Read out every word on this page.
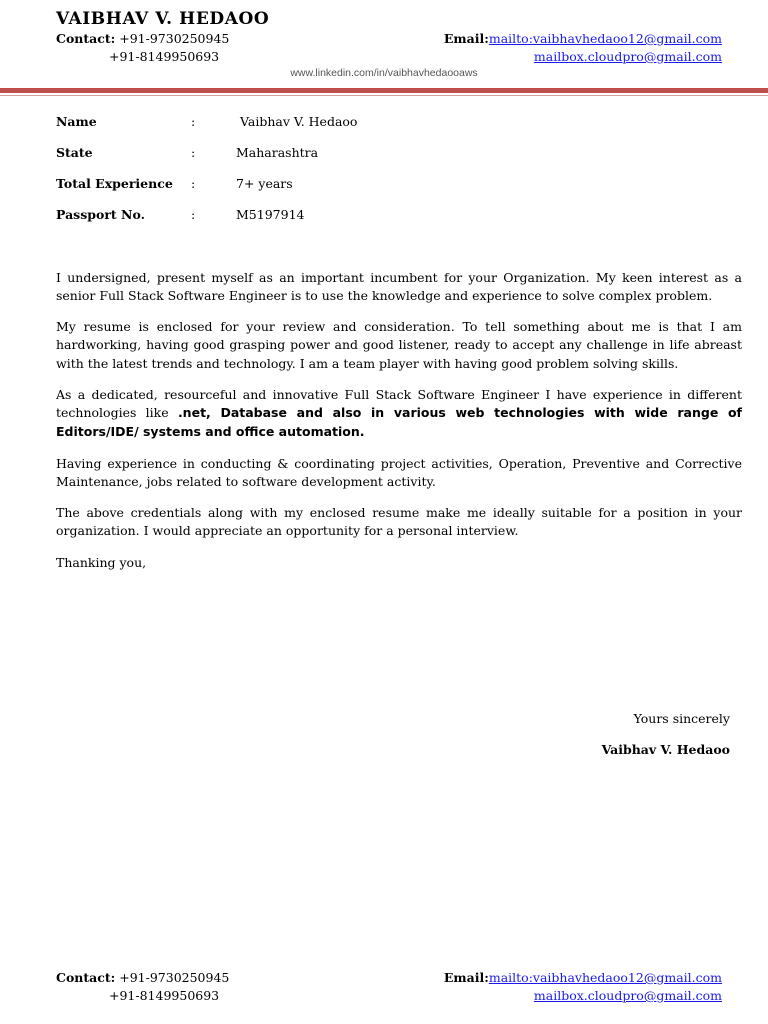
VAIBHAV V. HEDAOO
Contact: +91-9730250945
+91-8149950693
Email:mailto:vaibhavhedaoo12@gmail.com
mailbox.cloudpro@gmail.com
www.linkedin.com/in/vaibhavhedaooaws
Name	:	Vaibhav V. Hedaoo
State	:	Maharashtra
Total Experience :	7+ years
Passport No.	:	M5197914
I undersigned, present myself as an important incumbent for your Organization. My keen interest as a senior Full Stack Software Engineer is to use the knowledge and experience to solve complex problem.
My resume is enclosed for your review and consideration. To tell something about me is that I am hardworking, having good grasping power and good listener, ready to accept any challenge in life abreast with the latest trends and technology. I am a team player with having good problem solving skills.
As a dedicated, resourceful and innovative Full Stack Software Engineer I have experience in different technologies like .net, Database and also in various web technologies with wide range of Editors/IDE/ systems and office automation.
Having experience in conducting & coordinating project activities, Operation, Preventive and Corrective Maintenance, jobs related to software development activity.
The above credentials along with my enclosed resume make me ideally suitable for a position in your organization. I would appreciate an opportunity for a personal interview.
Thanking you,
Yours sincerely
Vaibhav V. Hedaoo
Contact: +91-9730250945
+91-8149950693
Email:mailto:vaibhavhedaoo12@gmail.com
mailbox.cloudpro@gmail.com
